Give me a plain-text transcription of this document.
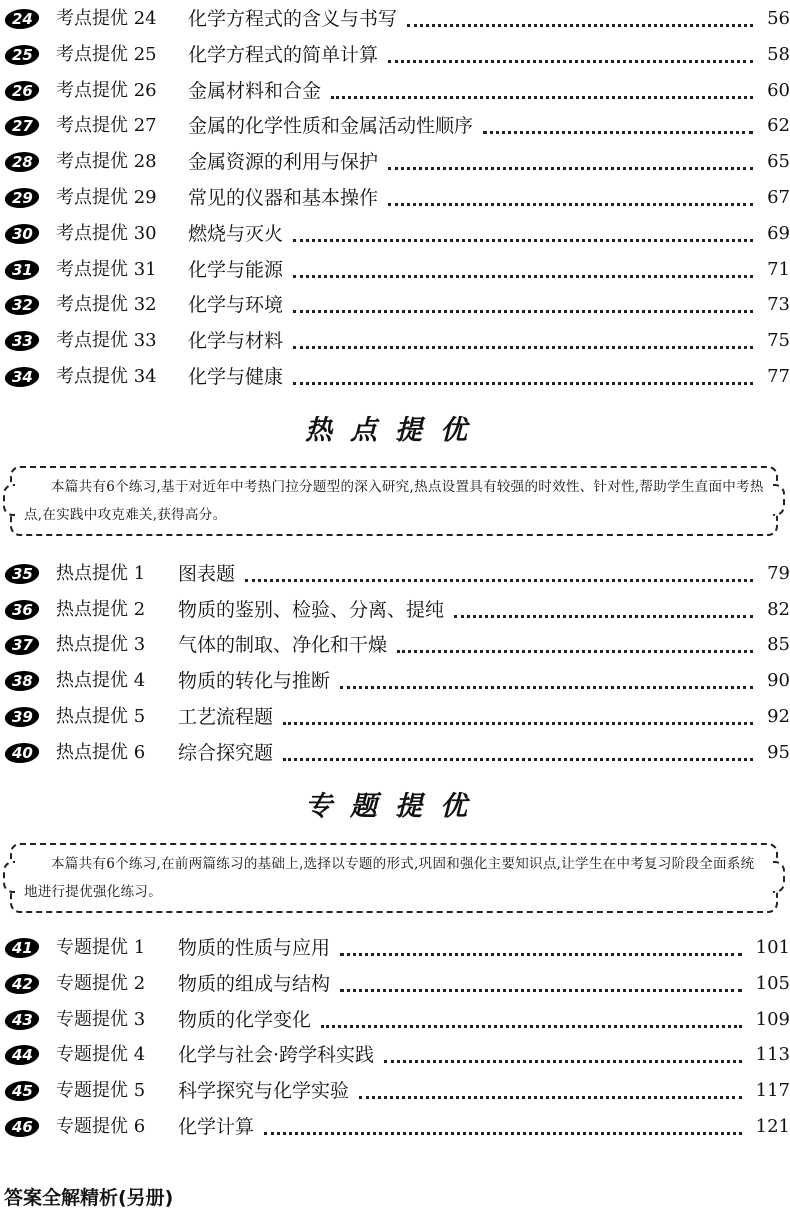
24	考点提优 24 化学方程式的含义与书写	56
25	考点提优 25 化学方程式的简单计算	58
26	考点提优 26 金属材料和合金	60
27	考点提优 27 金属的化学性质和金属活动性顺序	62
28	考点提优 28 金属资源的利用与保护	65
29	考点提优 29 常见的仪器和基本操作	67
30	考点提优 30 燃烧与灭火	69
31	考点提优 31 化学与能源	71
32	考点提优 32 化学与环境	73
33	考点提优 33 化学与材料	75
34	考点提优 34 化学与健康	77
热点提优
本篇共有6个练习,基于对近年中考热门拉分题型的深入研究,热点设置具有较强的时效性、针对性,帮助学生直面中考热点,在实践中攻克难关,获得高分。
35	热点提优 1 图表题	79
36	热点提优 2 物质的鉴别、检验、分离、提纯	82
37	热点提优 3 气体的制取、净化和干燥	85
38	热点提优 4 物质的转化与推断	90
39	热点提优 5 工艺流程题	92
40	热点提优 6 综合探究题	95
专题提优
本篇共有6个练习,在前两篇练习的基础上,选择以专题的形式,巩固和强化主要知识点,让学生在中考复习阶段全面系统地进行提优强化练习。
41	专题提优 1 物质的性质与应用	101
42	专题提优 2 物质的组成与结构	105
43	专题提优 3 物质的化学变化	109
44	专题提优 4 化学与社会·跨学科实践	113
45	专题提优 5 科学探究与化学实验	117
46	专题提优 6 化学计算	121
答案全解精析(另册)
